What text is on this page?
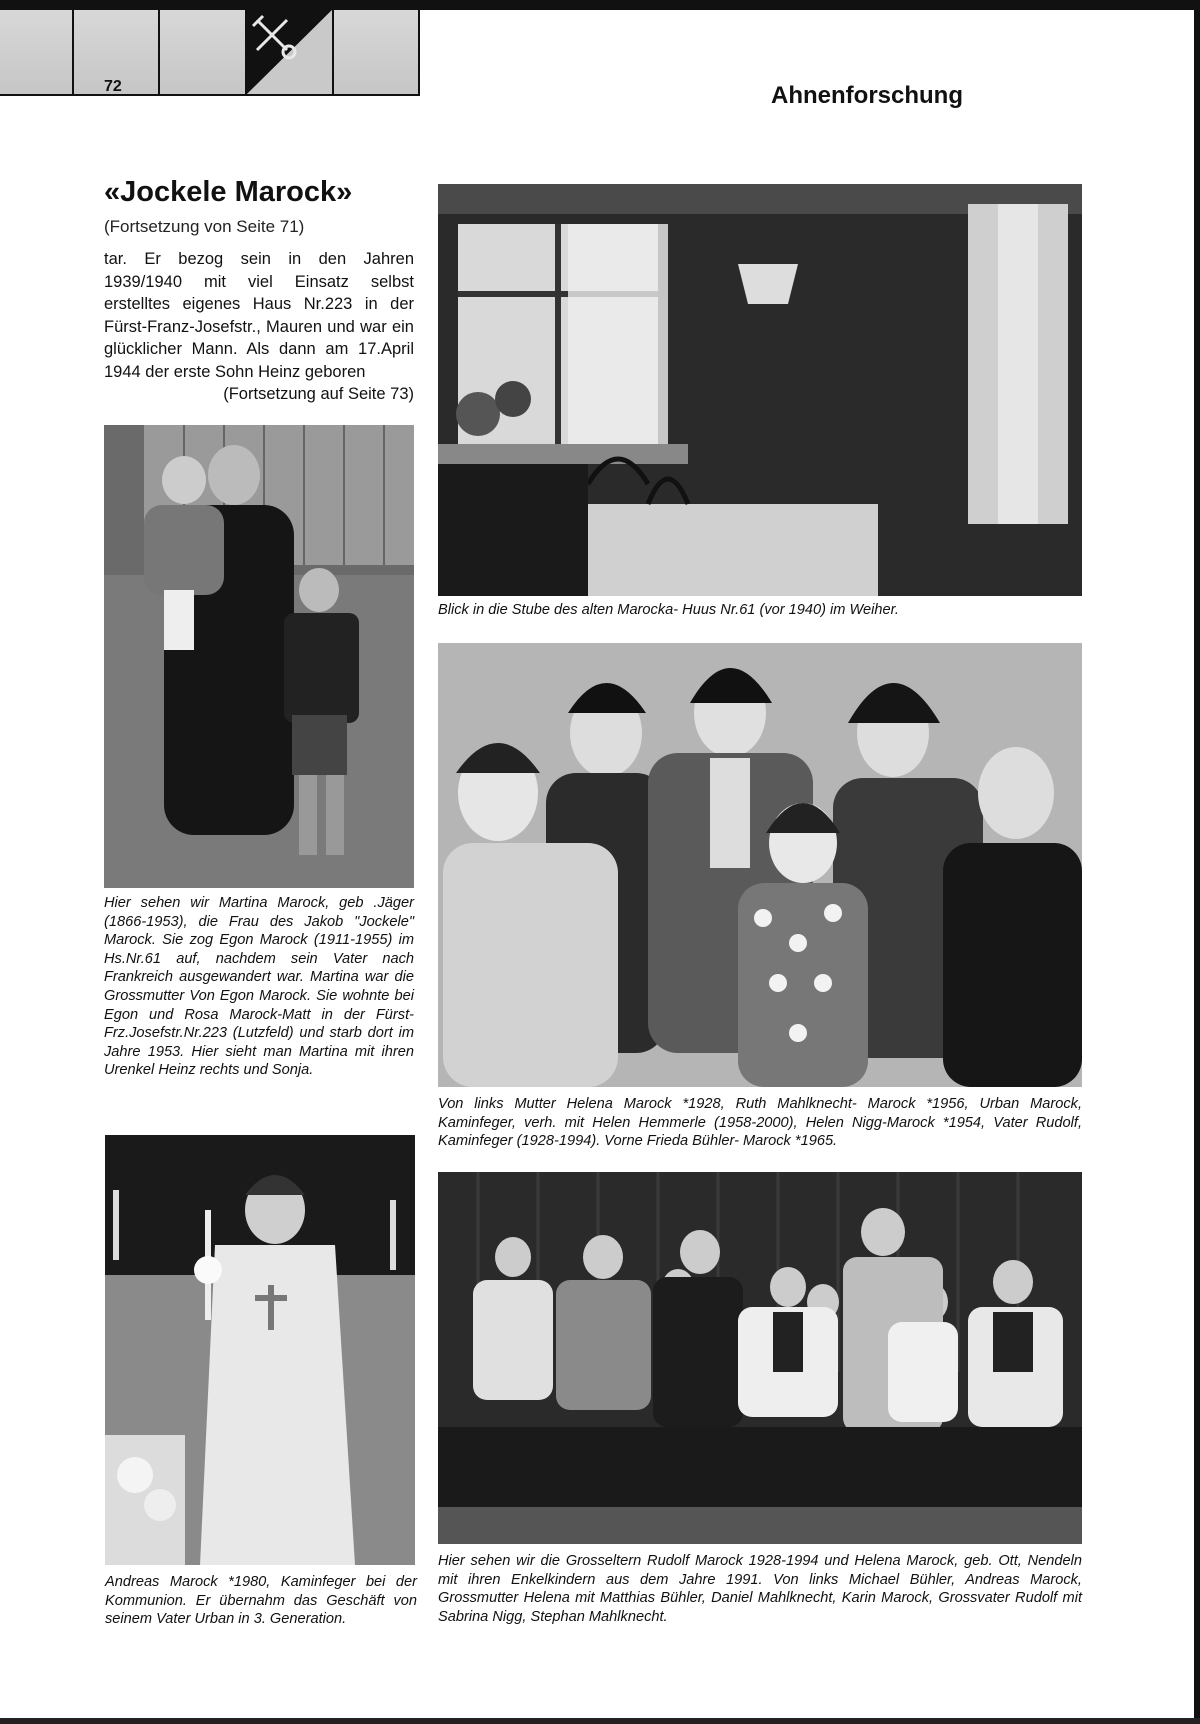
72	Ahnenforschung
«Jockele Marock»
(Fortsetzung von Seite 71)
tar. Er bezog sein in den Jahren 1939/1940 mit viel Einsatz selbst erstelltes eigenes Haus Nr.223 in der Fürst-Franz-Josefstr., Mauren und war ein glücklicher Mann. Als dann am 17.April 1944 der erste Sohn Heinz geboren
(Fortsetzung auf Seite 73)
Blick in die Stube des alten Marocka- Huus Nr.61 (vor 1940) im Weiher.
Hier sehen wir Martina Marock, geb .Jäger (1866-1953), die Frau des Jakob "Jockele" Marock. Sie zog Egon Marock (1911-1955) im Hs.Nr.61 auf, nachdem sein Vater nach Frankreich ausgewandert war. Martina war die Grossmutter Von Egon Marock. Sie wohnte bei Egon und Rosa Marock-Matt in der Fürst-Frz.Josefstr.Nr.223 (Lutzfeld) und starb dort im Jahre 1953. Hier sieht man Martina mit ihren Urenkel Heinz rechts und Sonja.
Von links Mutter Helena Marock *1928, Ruth Mahlknecht- Marock *1956, Urban Marock, Kaminfeger, verh. mit Helen Hemmerle (1958-2000), Helen Nigg-Marock *1954, Vater Rudolf, Kaminfeger (1928-1994). Vorne Frieda Bühler- Marock *1965.
Andreas Marock *1980, Kaminfeger bei der Kommunion. Er übernahm das Geschäft von seinem Vater Urban in 3. Generation.
Hier sehen wir die Grosseltern Rudolf Marock 1928-1994 und Helena Marock, geb. Ott, Nendeln mit ihren Enkelkindern aus dem Jahre 1991. Von links Michael Bühler, Andreas Marock, Grossmutter Helena mit Matthias Bühler, Daniel Mahlknecht, Karin Marock, Grossvater Rudolf mit Sabrina Nigg, Stephan Mahlknecht.
